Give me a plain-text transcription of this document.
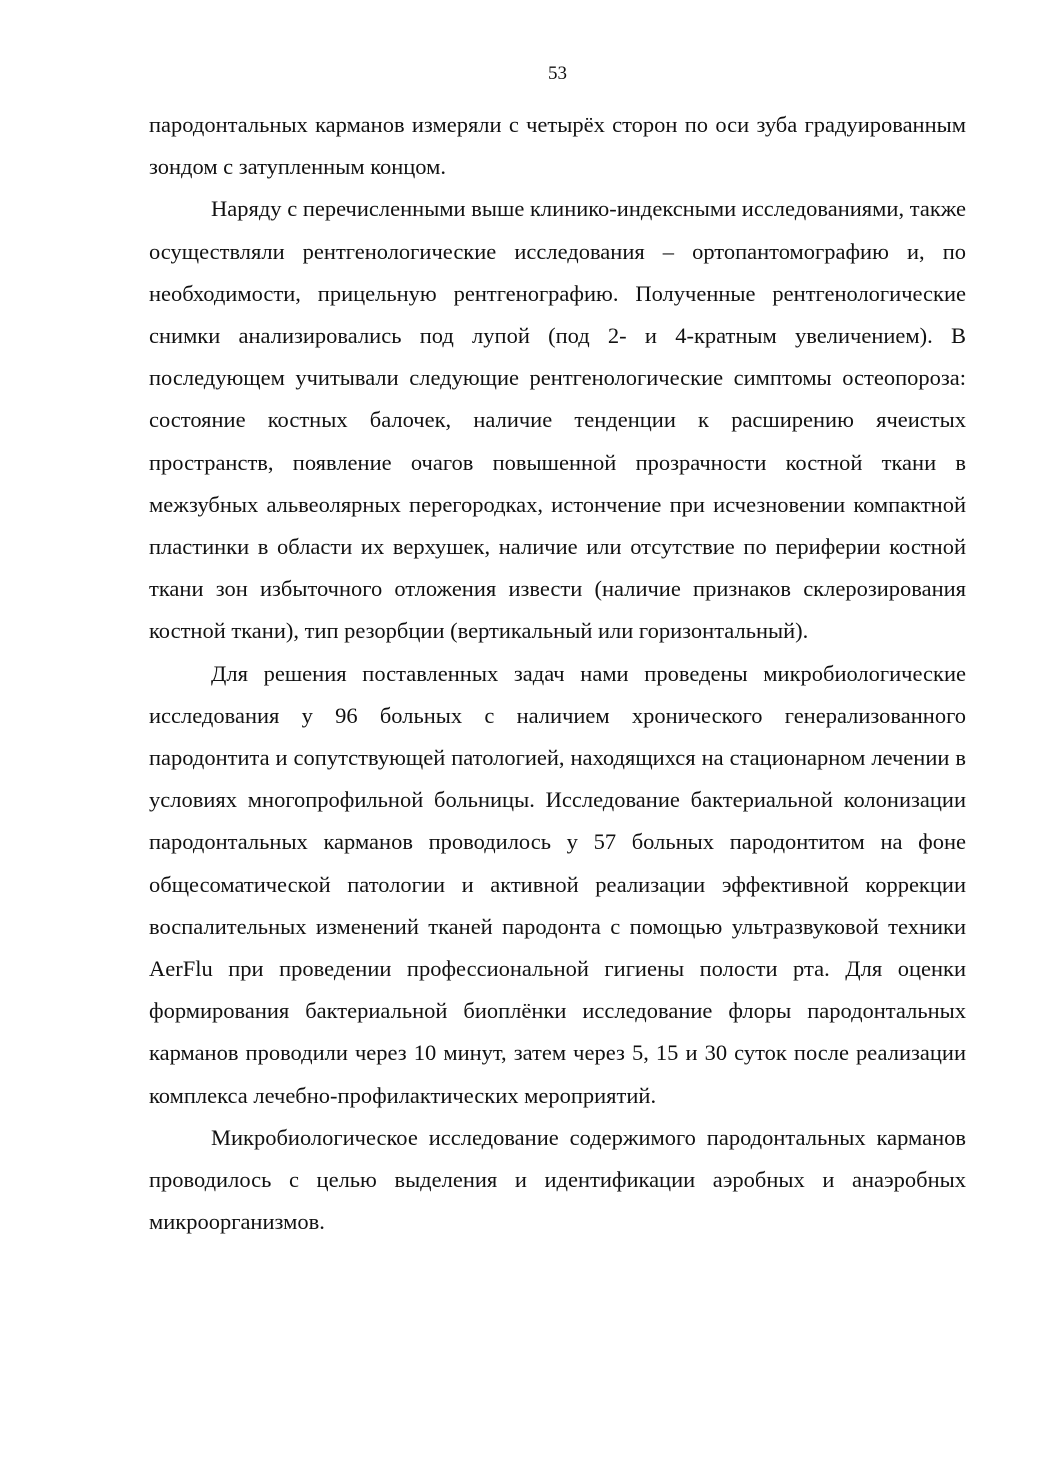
53

пародонтальных карманов измеряли с четырёх сторон по оси зуба градуированным зондом с затупленным концом.

Наряду с перечисленными выше клинико-индексными исследованиями, также осуществляли рентгенологические исследования – ортопантомографию и, по необходимости, прицельную рентгенографию. Полученные рентгенологические снимки анализировались под лупой (под 2- и 4-кратным увеличением). В последующем учитывали следующие рентгенологические симптомы остеопороза: состояние костных балочек, наличие тенденции к расширению ячеистых пространств, появление очагов повышенной прозрачности костной ткани в межзубных альвеолярных перегородках, истончение при исчезновении компактной пластинки в области их верхушек, наличие или отсутствие по периферии костной ткани зон избыточного отложения извести (наличие признаков склерозирования костной ткани), тип резорбции (вертикальный или горизонтальный).

Для решения поставленных задач нами проведены микробиологические исследования у 96 больных с наличием хронического генерализованного пародонтита и сопутствующей патологией, находящихся на стационарном лечении в условиях многопрофильной больницы. Исследование бактериальной колонизации пародонтальных карманов проводилось у 57 больных пародонтитом на фоне общесоматической патологии и активной реализации эффективной коррекции воспалительных изменений тканей пародонта с помощью ультразвуковой техники AerFlu при проведении профессиональной гигиены полости рта. Для оценки формирования бактериальной биоплёнки исследование флоры пародонтальных карманов проводили через 10 минут, затем через 5, 15 и 30 суток после реализации комплекса лечебно-профилактических мероприятий.

Микробиологическое исследование содержимого пародонтальных карманов проводилось с целью выделения и идентификации аэробных и анаэробных микроорганизмов.
